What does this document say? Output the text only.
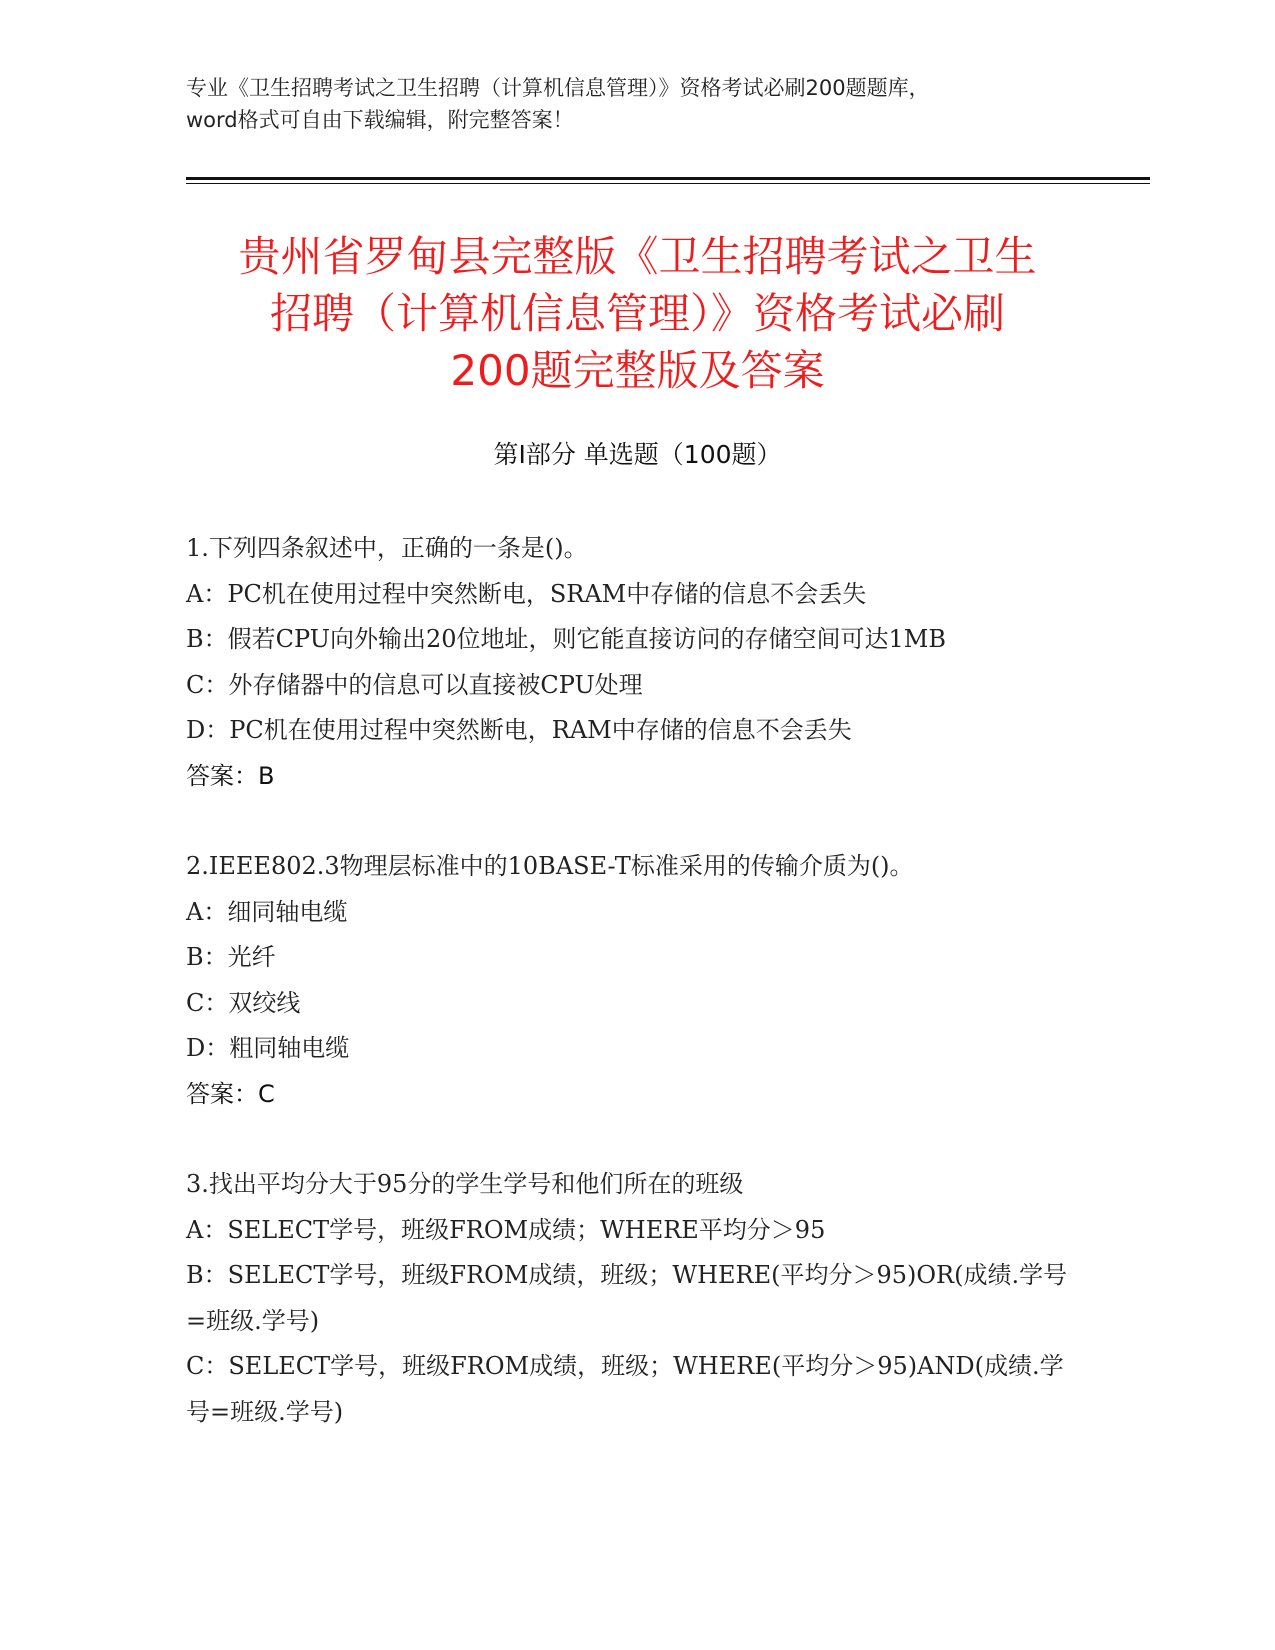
专业《卫生招聘考试之卫生招聘（计算机信息管理）》资格考试必刷200题题库，
word格式可自由下载编辑，附完整答案！
贵州省罗甸县完整版《卫生招聘考试之卫生
招聘（计算机信息管理）》资格考试必刷
200题完整版及答案
第I部分 单选题（100题）
1.下列四条叙述中，正确的一条是()。
A：PC机在使用过程中突然断电，SRAM中存储的信息不会丢失
B：假若CPU向外输出20位地址，则它能直接访问的存储空间可达1MB
C：外存储器中的信息可以直接被CPU处理
D：PC机在使用过程中突然断电，RAM中存储的信息不会丢失
答案：B
2.IEEE802.3物理层标准中的10BASE-T标准采用的传输介质为()。
A：细同轴电缆
B：光纤
C：双绞线
D：粗同轴电缆
答案：C
3.找出平均分大于95分的学生学号和他们所在的班级
A：SELECT学号，班级FROM成绩；WHERE平均分＞95
B：SELECT学号，班级FROM成绩，班级；WHERE(平均分＞95)OR(成绩.学号=班级.学号)
C：SELECT学号，班级FROM成绩，班级；WHERE(平均分＞95)AND(成绩.学号=班级.学号)
